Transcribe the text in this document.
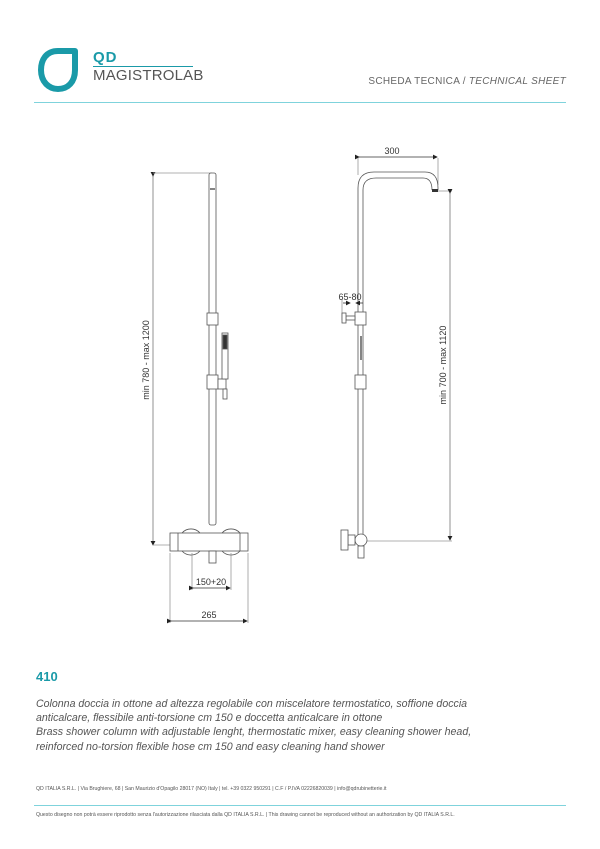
QD
MAGISTROLAB	SCHEDA TECNICA / TECHNICAL SHEET
min 780 - max 1200
150+20
265
300
65-80
min 700 - max 1120
410
Colonna doccia in ottone ad altezza regolabile con miscelatore termostatico, soffione doccia
anticalcare, flessibile anti-torsione cm 150 e doccetta anticalcare in ottone
Brass shower column with adjustable lenght, thermostatic mixer, easy cleaning shower head,
reinforced no-torsion flexible hose cm 150 and easy cleaning hand shower
QD ITALIA S.R.L. | Via Brughiere, 68 | San Maurizio d'Opagilo 28017 (NO) Italy | tel. +39 0322 950291 | C.F / P.IVA 02226820039 | info@qdrubinetterie.it
Questo disegno non potrà essere riprodotto senza l'autorizzazione rilasciata dalla QD ITALIA S.R.L. | This drawing cannot be reproduced without an authorization by QD ITALIA S.R.L.
